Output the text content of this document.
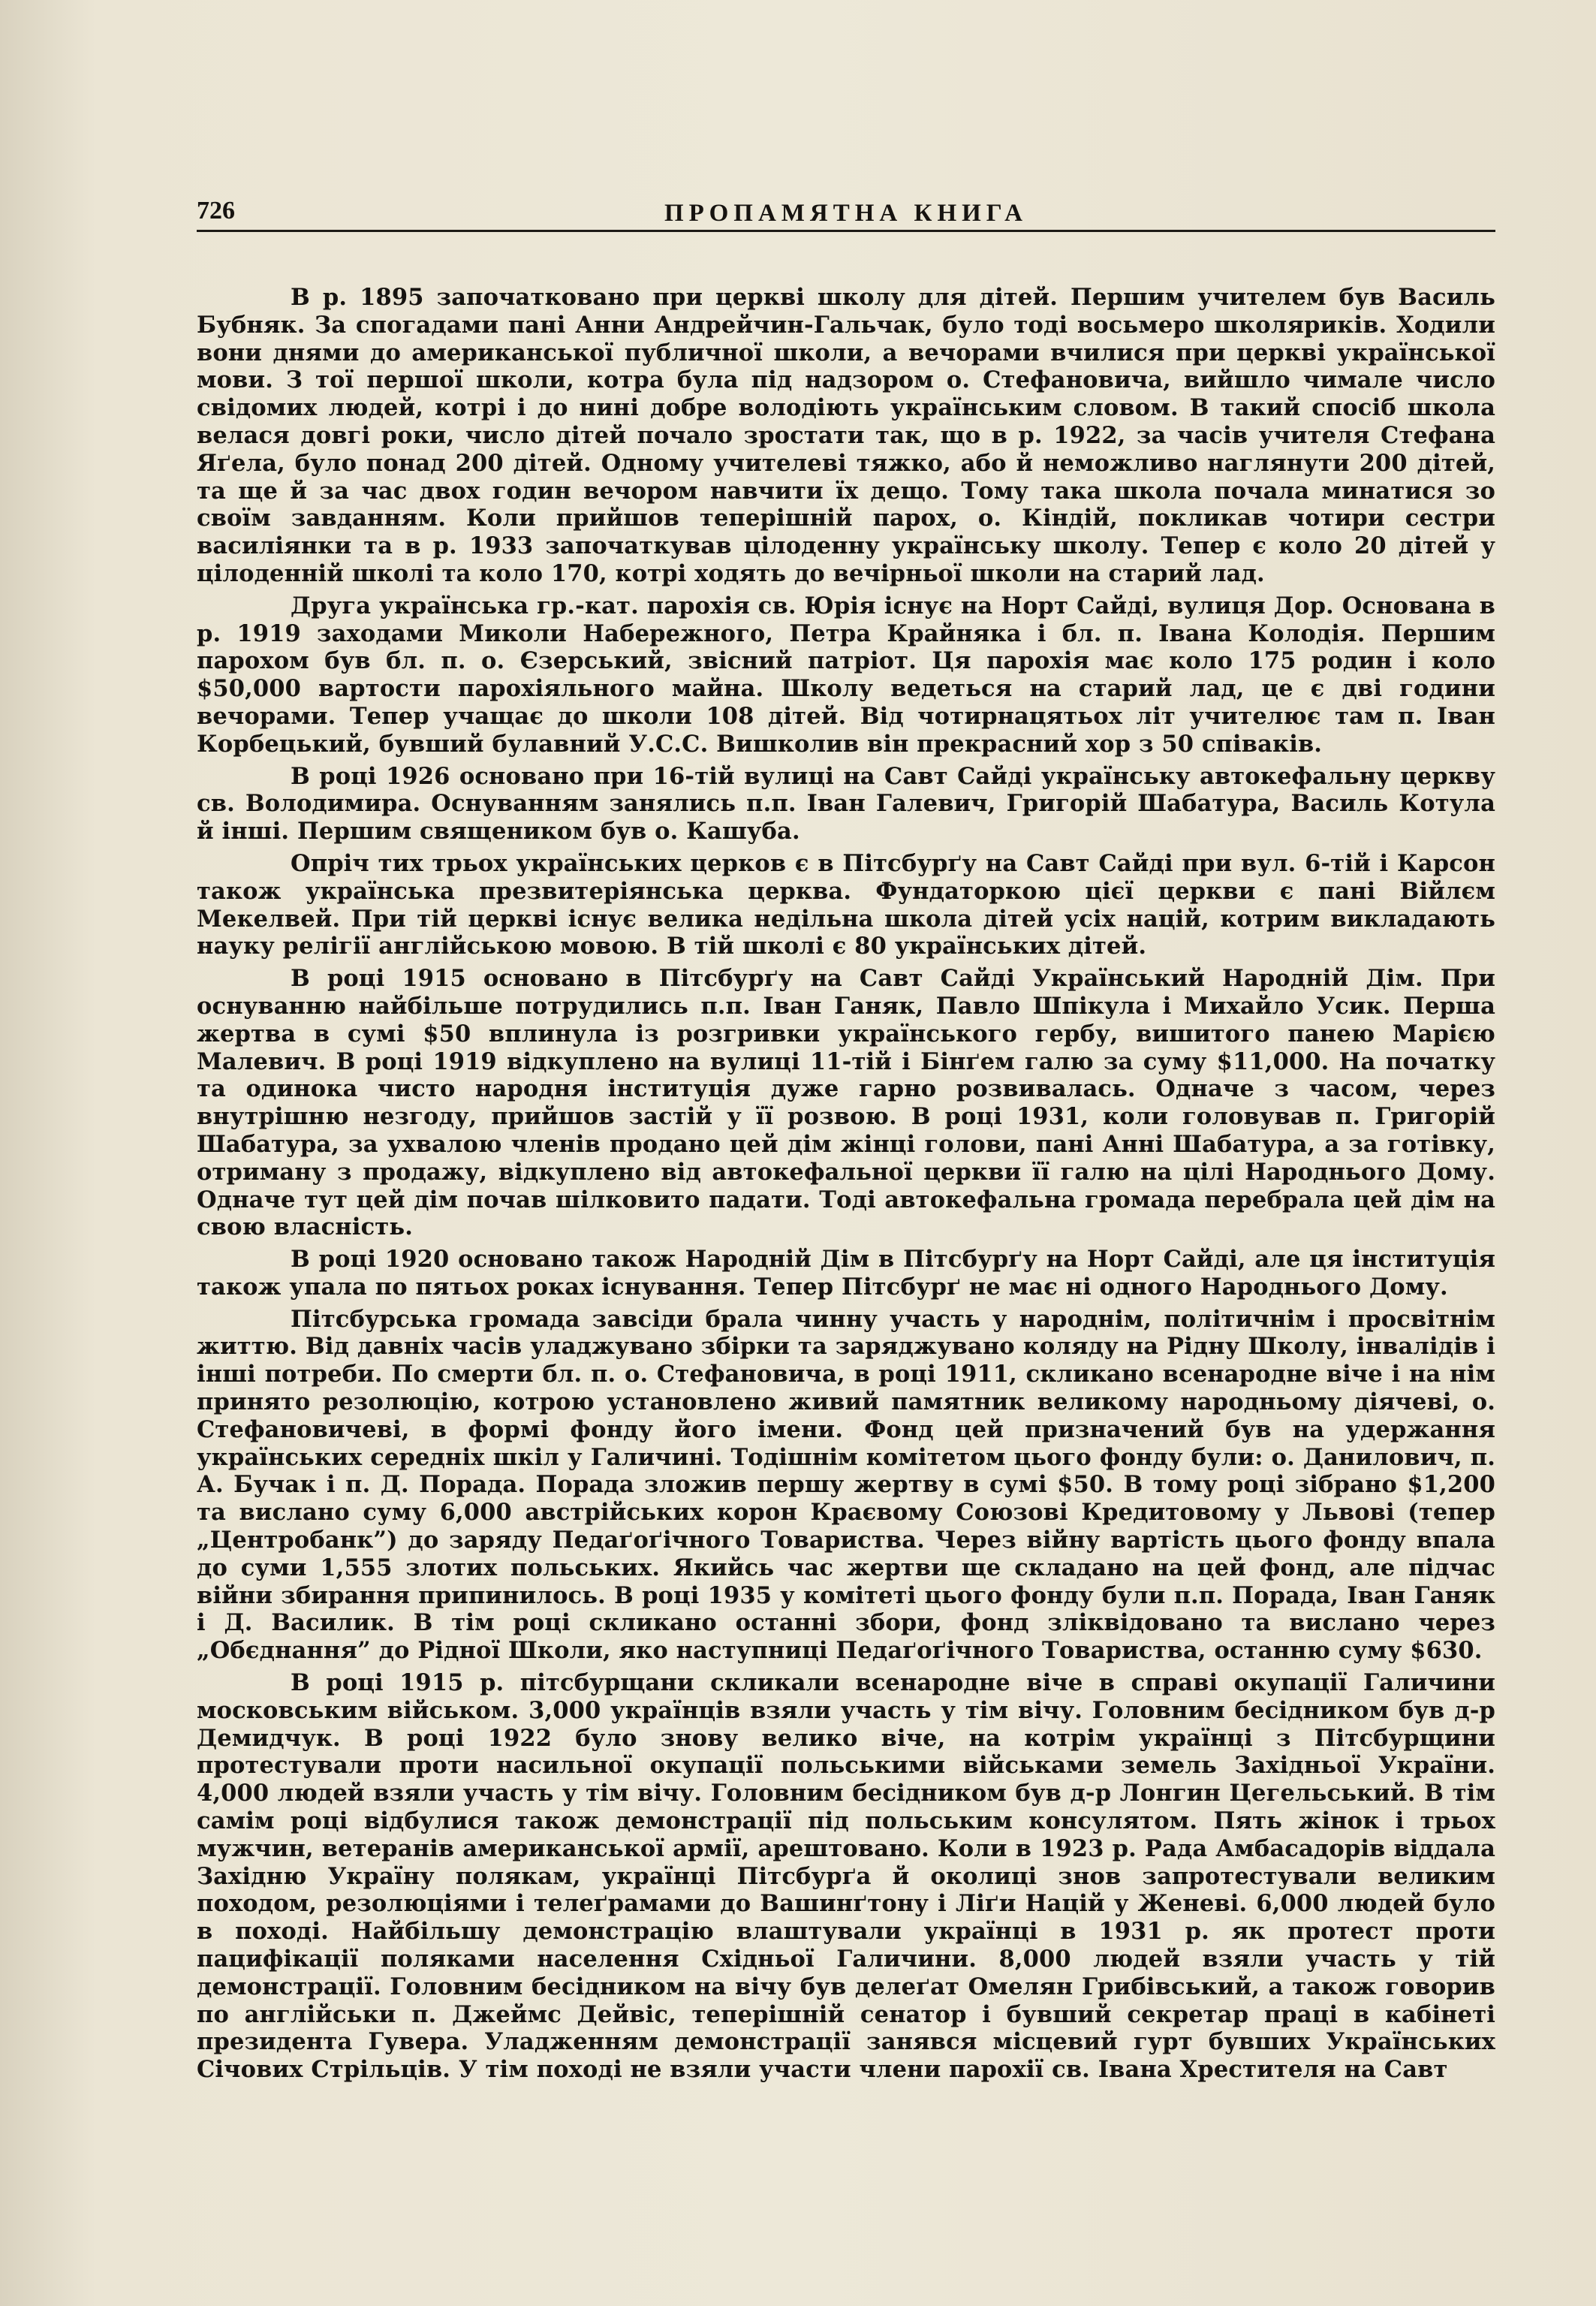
726	ПРОПАМЯТНА КНИГА

В р. 1895 започатковано при церкві школу для дітей. Першим учителем був Василь Бубняк. За спогадами пані Анни Андрейчин-Гальчак, було тоді восьмеро школяриків. Ходили вони днями до американської публичної школи, а вечорами вчилися при церкві української мови. З тої першої школи, котра була під надзором о. Стефановича, вийшло чимале число свідомих людей, котрі і до нині добре володіють українським словом. В такий спосіб школа велася довгі роки, число дітей почало зростати так, що в р. 1922, за часів учителя Стефана Яґела, було понад 200 дітей. Одному учителеві тяжко, або й неможливо наглянути 200 дітей, та ще й за час двох годин вечором навчити їх дещо. Тому така школа почала минатися зо своїм завданням. Коли прийшов теперішній парох, о. Кіндій, покликав чотири сестри василіянки та в р. 1933 започаткував цілоденну українську школу. Тепер є коло 20 дітей у цілоденній школі та коло 170, котрі ходять до вечірньої школи на старий лад.

Друга українська гр.-кат. парохія св. Юрія існує на Норт Сайді, вулиця Дор. Основана в р. 1919 заходами Миколи Набережного, Петра Крайняка і бл. п. Івана Колодія. Першим парохом був бл. п. о. Єзерський, звісний патріот. Ця парохія має коло 175 родин і коло $50,000 вартости парохіяльного майна. Школу ведеться на старий лад, це є дві години вечорами. Тепер учащає до школи 108 дітей. Від чотирнацятьох літ учителює там п. Іван Корбецький, бувший булавний У.С.С. Вишколив він прекрасний хор з 50 співаків.

В році 1926 основано при 16-тій вулиці на Савт Сайді українську автокефальну церкву св. Володимира. Оснуванням занялись п.п. Іван Галевич, Григорій Шабатура, Василь Котула й інші. Першим священиком був о. Кашуба.

Опріч тих трьох українських церков є в Пітсбурґу на Савт Сайді при вул. 6-тій і Карсон також українська презвитеріянська церква. Фундаторкою цієї церкви є пані Війлєм Мекелвей. При тій церкві існує велика недільна школа дітей усіх націй, котрим викладають науку релігії англійською мовою. В тій школі є 80 українських дітей.

В році 1915 основано в Пітсбурґу на Савт Сайді Український Народній Дім. При оснуванню найбільше потрудились п.п. Іван Ганяк, Павло Шпікула і Михайло Усик. Перша жертва в сумі $50 вплинула із розгривки українського гербу, вишитого панею Марією Малевич. В році 1919 відкуплено на вулиці 11-тій і Бінґем галю за суму $11,000. На початку та одинока чисто народня інституція дуже гарно розвивалась. Одначе з часом, через внутрішню незгоду, прийшов застій у її розвою. В році 1931, коли головував п. Григорій Шабатура, за ухвалою членів продано цей дім жінці голови, пані Анні Шабатура, а за готівку, отриману з продажу, відкуплено від автокефальної церкви її галю на цілі Народнього Дому. Одначе тут цей дім почав шілковито падати. Тоді автокефальна громада перебрала цей дім на свою власність.

В році 1920 основано також Народній Дім в Пітсбурґу на Норт Сайді, але ця інституція також упала по пятьох роках існування. Тепер Пітсбурґ не має ні одного Народнього Дому.

Пітсбурська громада завсіди брала чинну участь у народнім, політичнім і просвітнім життю. Від давніх часів уладжувано збірки та заряджувано коляду на Рідну Школу, інвалідів і інші потреби. По смерти бл. п. о. Стефановича, в році 1911, скликано всенародне віче і на нім принято резолюцію, котрою установлено живий памятник великому народньому діячеві, о. Стефановичеві, в формі фонду його імени. Фонд цей призначений був на удержання українських середніх шкіл у Галичині. Тодішнім комітетом цього фонду були: о. Данилович, п. А. Бучак і п. Д. Порада. Порада зложив першу жертву в сумі $50. В тому році зібрано $1,200 та вислано суму 6,000 австрійських корон Краєвому Союзові Кредитовому у Львові (тепер „Центробанк”) до заряду Педаґоґічного Товариства. Через війну вартість цього фонду впала до суми 1,555 злотих польських. Якийсь час жертви ще складано на цей фонд, але підчас війни збирання припинилось. В році 1935 у комітеті цього фонду були п.п. Порада, Іван Ганяк і Д. Василик. В тім році скликано останні збори, фонд зліквідовано та вислано через „Обєднання” до Рідної Школи, яко наступниці Педаґоґічного Товариства, останню суму $630.

В році 1915 р. пітсбурщани скликали всенародне віче в справі окупації Галичини московським військом. 3,000 українців взяли участь у тім вічу. Головним бесідником був д-р Демидчук. В році 1922 було знову велико віче, на котрім українці з Пітсбурщини протестували проти насильної окупації польськими військами земель Західньої України. 4,000 людей взяли участь у тім вічу. Головним бесідником був д-р Лонгин Цегельський. В тім самім році відбулися також демонстрації під польським консулятом. Пять жінок і трьох мужчин, ветеранів американської армії, арештовано. Коли в 1923 р. Рада Амбасадорів віддала Західню Україну полякам, українці Пітсбурґа й околиці знов запротестували великим походом, резолюціями і телеґрамами до Вашинґтону і Ліґи Націй у Женеві. 6,000 людей було в поході. Найбільшу демонстрацію влаштували українці в 1931 р. як протест проти пацифікації поляками населення Східньої Галичини. 8,000 людей взяли участь у тій демонстрації. Головним бесідником на вічу був делеґат Омелян Грибівський, а також говорив по англійськи п. Джеймс Дейвіс, теперішній сенатор і бувший секретар праці в кабінеті президента Гувера. Уладженням демонстрації занявся місцевий гурт бувших Українських Січових Стрільців. У тім поході не взяли участи члени парохії св. Івана Хрестителя на Савт
